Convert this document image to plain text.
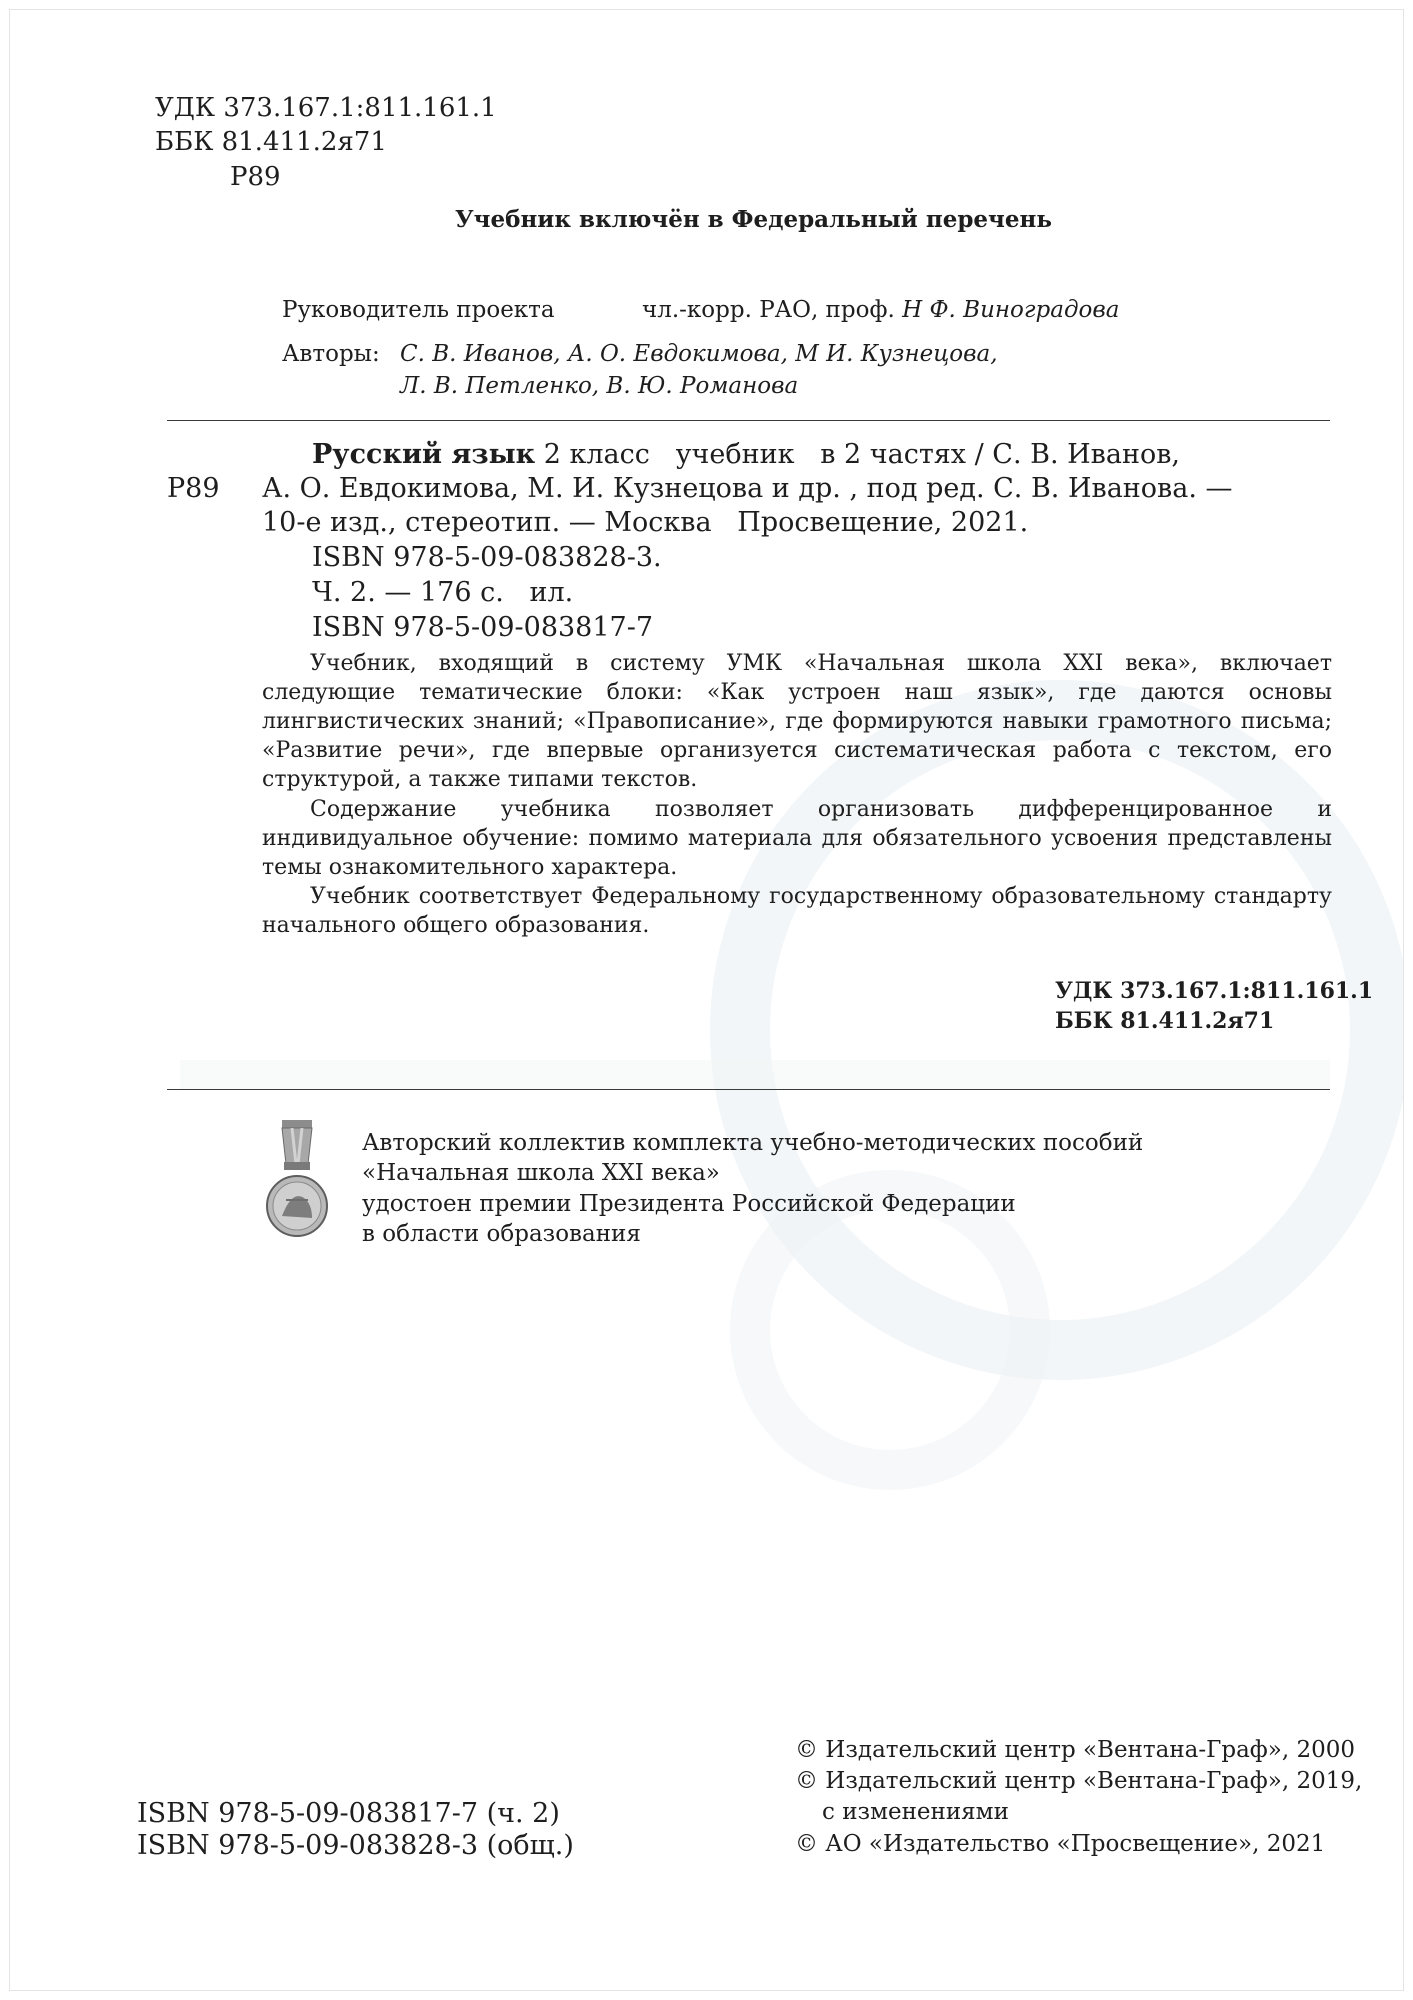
УДК 373.167.1:811.161.1
ББК 81.411.2я71
Р89
Учебник включён в Федеральный перечень
Руководитель проекта	чл.-корр. РАО, проф. Н Ф. Виноградова
Авторы: С. В. Иванов, А. О. Евдокимова, М И. Кузнецова,
Л. В. Петленко, В. Ю. Романова
Р89
Русский язык 2 класс   учебник   в 2 частях / С. В. Иванов,
А. О. Евдокимова, М. И. Кузнецова и др. , под ред. С. В. Иванова. —
10-е изд., стереотип. — Москва   Просвещение, 2021.
ISBN 978-5-09-083828-3.
Ч. 2. — 176 с.   ил.
ISBN 978-5-09-083817-7
Учебник, входящий в систему УМК «Начальная школа XXI века», включает следующие тематические блоки: «Как устроен наш язык», где даются основы лингвистических знаний; «Правописание», где формируются навыки грамотного письма; «Развитие речи», где впервые организуется систематическая работа с текстом, его структурой, а также типами текстов.
Содержание учебника позволяет организовать дифференцированное и индивидуальное обучение: помимо материала для обязательного усвоения представлены темы ознакомительного характера.
Учебник соответствует Федеральному государственному образовательному стандарту начального общего образования.
УДК 373.167.1:811.161.1
ББК 81.411.2я71
Авторский коллектив комплекта учебно-методических пособий
«Начальная школа XXI века»
удостоен премии Президента Российской Федерации
в области образования
ISBN 978-5-09-083817-7 (ч. 2)
ISBN 978-5-09-083828-3 (общ.)
© Издательский центр «Вентана-Граф», 2000
© Издательский центр «Вентана-Граф», 2019,
с изменениями
© АО «Издательство «Просвещение», 2021
